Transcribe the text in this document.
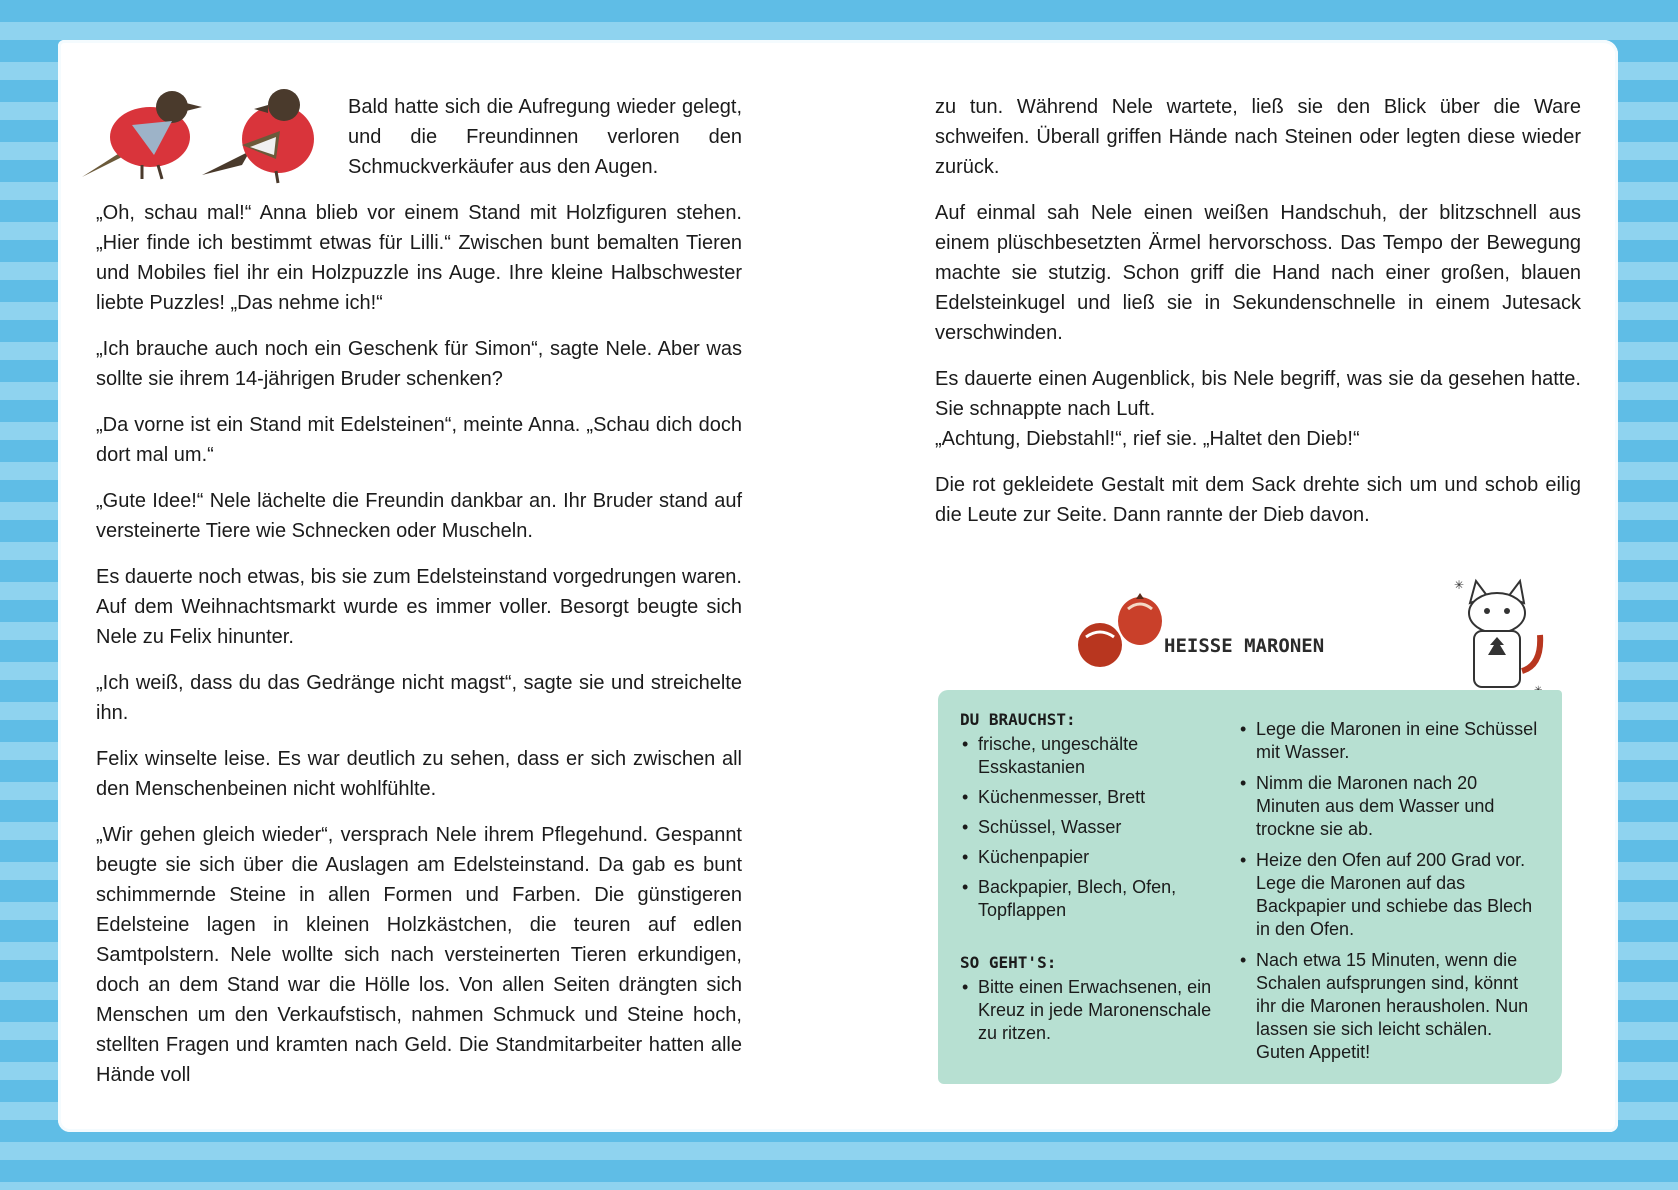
Bald hatte sich die Aufregung wieder gelegt, und die Freundinnen verloren den Schmuckverkäufer aus den Augen.

„Oh, schau mal!“ Anna blieb vor einem Stand mit Holzfiguren stehen. „Hier finde ich bestimmt etwas für Lilli.“ Zwischen bunt bemalten Tieren und Mobiles fiel ihr ein Holzpuzzle ins Auge. Ihre kleine Halbschwester liebte Puzzles! „Das nehme ich!“

„Ich brauche auch noch ein Geschenk für Simon“, sagte Nele. Aber was sollte sie ihrem 14-jährigen Bruder schenken?

„Da vorne ist ein Stand mit Edelsteinen“, meinte Anna. „Schau dich doch dort mal um.“

„Gute Idee!“ Nele lächelte die Freundin dankbar an. Ihr Bruder stand auf versteinerte Tiere wie Schnecken oder Muscheln.

Es dauerte noch etwas, bis sie zum Edelsteinstand vorgedrungen waren. Auf dem Weihnachtsmarkt wurde es immer voller. Besorgt beugte sich Nele zu Felix hinunter.

„Ich weiß, dass du das Gedränge nicht magst“, sagte sie und streichelte ihn.

Felix winselte leise. Es war deutlich zu sehen, dass er sich zwischen all den Menschenbeinen nicht wohlfühlte.

„Wir gehen gleich wieder“, versprach Nele ihrem Pflegehund. Gespannt beugte sie sich über die Auslagen am Edelsteinstand. Da gab es bunt schimmernde Steine in allen Formen und Farben. Die günstigeren Edelsteine lagen in kleinen Holzkästchen, die teuren auf edlen Samtpolstern. Nele wollte sich nach versteinerten Tieren erkundigen, doch an dem Stand war die Hölle los. Von allen Seiten drängten sich Menschen um den Verkaufstisch, nahmen Schmuck und Steine hoch, stellten Fragen und kramten nach Geld. Die Standmitarbeiter hatten alle Hände voll

zu tun. Während Nele wartete, ließ sie den Blick über die Ware schweifen. Überall griffen Hände nach Steinen oder legten diese wieder zurück.

Auf einmal sah Nele einen weißen Handschuh, der blitzschnell aus einem plüschbesetzten Ärmel hervorschoss. Das Tempo der Bewegung machte sie stutzig. Schon griff die Hand nach einer großen, blauen Edelsteinkugel und ließ sie in Sekundenschnelle in einem Jutesack verschwinden.

Es dauerte einen Augenblick, bis Nele begriff, was sie da gesehen hatte. Sie schnappte nach Luft.

„Achtung, Diebstahl!“, rief sie. „Haltet den Dieb!“

Die rot gekleidete Gestalt mit dem Sack drehte sich um und schob eilig die Leute zur Seite. Dann rannte der Dieb davon.

HEISSE MARONEN
✳
DU BRAUCHST:
• frische, ungeschälte Esskastanien
• Küchenmesser, Brett
• Schüssel, Wasser
• Küchenpapier
• Backpapier, Blech, Ofen, Topflappen
SO GEHT'S:
• Bitte einen Erwachsenen, ein Kreuz in jede Maronenschale zu ritzen.
• Lege die Maronen in eine Schüssel mit Wasser.
• Nimm die Maronen nach 20 Minuten aus dem Wasser und trockne sie ab.
• Heize den Ofen auf 200 Grad vor. Lege die Maronen auf das Backpapier und schiebe das Blech in den Ofen.
• Nach etwa 15 Minuten, wenn die Schalen aufsprungen sind, könnt ihr die Maronen herausholen. Nun lassen sie sich leicht schälen. Guten Appetit!
